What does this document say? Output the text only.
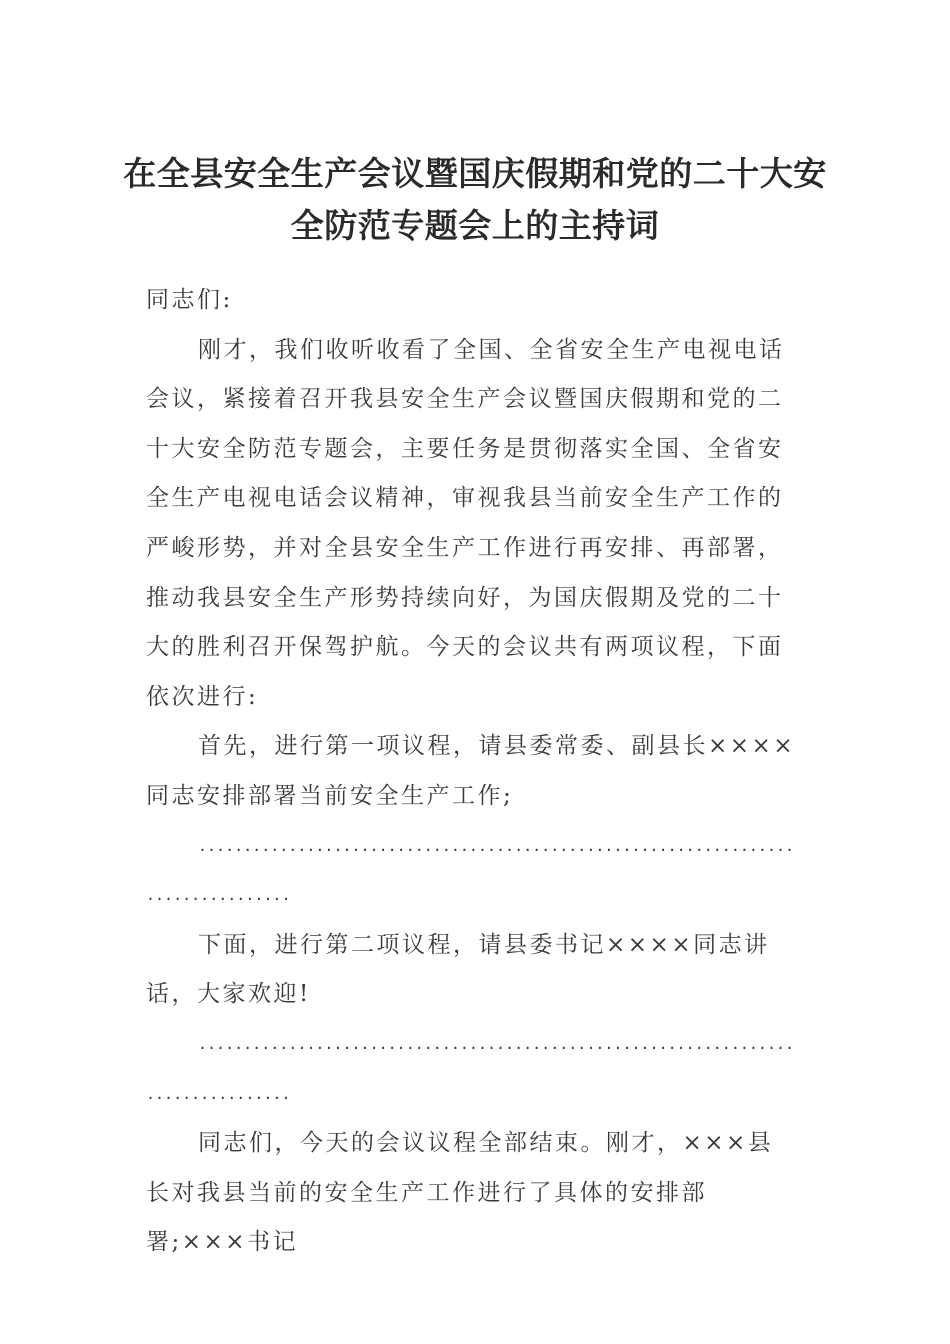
在全县安全生产会议暨国庆假期和党的二十大安全防范专题会上的主持词

同志们:

刚才，我们收听收看了全国、全省安全生产电视电话会议，紧接着召开我县安全生产会议暨国庆假期和党的二十大安全防范专题会，主要任务是贯彻落实全国、全省安全生产电视电话会议精神，审视我县当前安全生产工作的严峻形势，并对全县安全生产工作进行再安排、再部署，推动我县安全生产形势持续向好，为国庆假期及党的二十大的胜利召开保驾护航。今天的会议共有两项议程，下面依次进行:

首先，进行第一项议程，请县委常委、副县长××××同志安排部署当前安全生产工作;

..................................................................................

下面，进行第二项议程，请县委书记××××同志讲话，大家欢迎!

..................................................................................

同志们，今天的会议议程全部结束。刚才，×××县长对我县当前的安全生产工作进行了具体的安排部署;×××书记
